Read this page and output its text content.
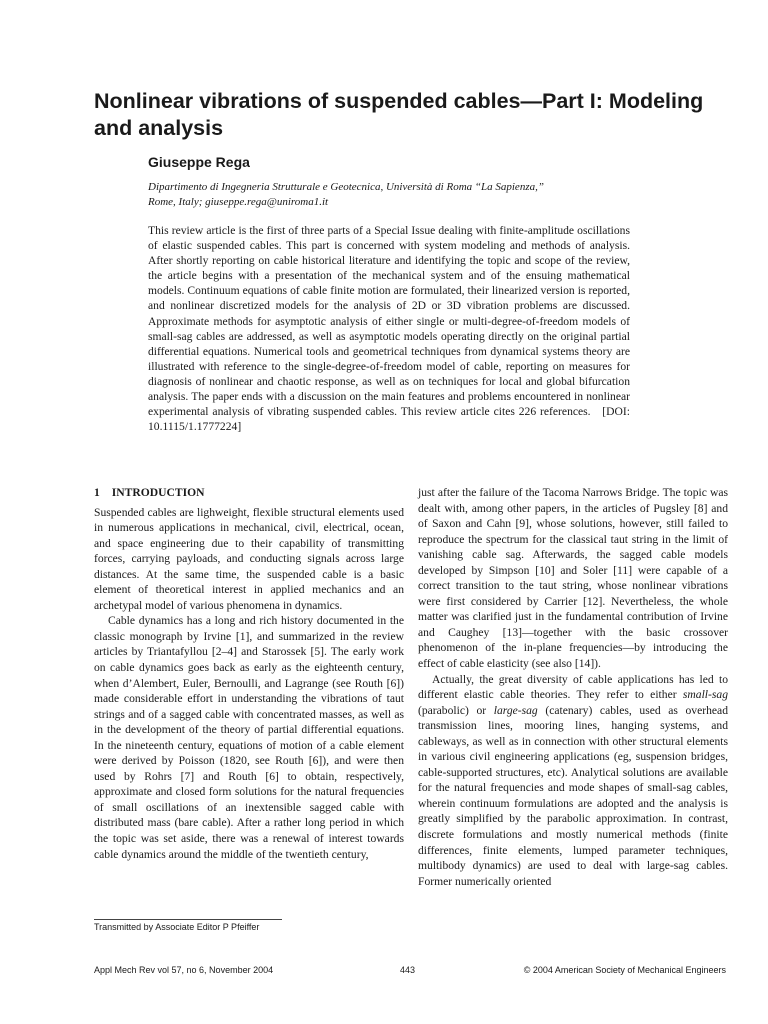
Nonlinear vibrations of suspended cables—Part I: Modeling and analysis
Giuseppe Rega
Dipartimento di Ingegneria Strutturale e Geotecnica, Università di Roma “La Sapienza,”
Rome, Italy; giuseppe.rega@uniroma1.it

This review article is the first of three parts of a Special Issue dealing with finite-amplitude oscillations of elastic suspended cables. This part is concerned with system modeling and methods of analysis. After shortly reporting on cable historical literature and identifying the topic and scope of the review, the article begins with a presentation of the mechanical system and of the ensuing mathematical models. Continuum equations of cable finite motion are formulated, their linearized version is reported, and nonlinear discretized models for the analysis of 2D or 3D vibration problems are discussed. Approximate methods for asymptotic analysis of either single or multi-degree-of-freedom models of small-sag cables are addressed, as well as asymptotic models operating directly on the original partial differential equations. Numerical tools and geometrical techniques from dynamical systems theory are illustrated with reference to the single-degree-of-freedom model of cable, reporting on measures for diagnosis of nonlinear and chaotic response, as well as on techniques for local and global bifurcation analysis. The paper ends with a discussion on the main features and problems encountered in nonlinear experimental analysis of vibrating suspended cables. This review article cites 226 references. [DOI: 10.1115/1.1777224]

1 INTRODUCTION

Suspended cables are lighweight, flexible structural elements used in numerous applications in mechanical, civil, electrical, ocean, and space engineering due to their capability of transmitting forces, carrying payloads, and conducting signals across large distances. At the same time, the suspended cable is a basic element of theoretical interest in applied mechanics and an archetypal model of various phenomena in dynamics.

Cable dynamics has a long and rich history documented in the classic monograph by Irvine [1], and summarized in the review articles by Triantafyllou [2–4] and Starossek [5]. The early work on cable dynamics goes back as early as the eighteenth century, when d’Alembert, Euler, Bernoulli, and Lagrange (see Routh [6]) made considerable effort in understanding the vibrations of taut strings and of a sagged cable with concentrated masses, as well as in the development of the theory of partial differential equations. In the nineteenth century, equations of motion of a cable element were derived by Poisson (1820, see Routh [6]), and were then used by Rohrs [7] and Routh [6] to obtain, respectively, approximate and closed form solutions for the natural frequencies of small oscillations of an inextensible sagged cable with distributed mass (bare cable). After a rather long period in which the topic was set aside, there was a renewal of interest towards cable dynamics around the middle of the twentieth century,

just after the failure of the Tacoma Narrows Bridge. The topic was dealt with, among other papers, in the articles of Pugsley [8] and of Saxon and Cahn [9], whose solutions, however, still failed to reproduce the spectrum for the classical taut string in the limit of vanishing cable sag. Afterwards, the sagged cable models developed by Simpson [10] and Soler [11] were capable of a correct transition to the taut string, whose nonlinear vibrations were first considered by Carrier [12]. Nevertheless, the whole matter was clarified just in the fundamental contribution of Irvine and Caughey [13]—together with the basic crossover phenomenon of the in-plane frequencies—by introducing the effect of cable elasticity (see also [14]).

Actually, the great diversity of cable applications has led to different elastic cable theories. They refer to either small-sag (parabolic) or large-sag (catenary) cables, used as overhead transmission lines, mooring lines, hanging systems, and cableways, as well as in connection with other structural elements in various civil engineering applications (eg, suspension bridges, cable-supported structures, etc). Analytical solutions are available for the natural frequencies and mode shapes of small-sag cables, wherein continuum formulations are adopted and the analysis is greatly simplified by the parabolic approximation. In contrast, discrete formulations and mostly numerical methods (finite differences, finite elements, lumped parameter techniques, multibody dynamics) are used to deal with large-sag cables. Former numerically oriented

Transmitted by Associate Editor P Pfeiffer
Appl Mech Rev vol 57, no 6, November 2004	443	© 2004 American Society of Mechanical Engineers
